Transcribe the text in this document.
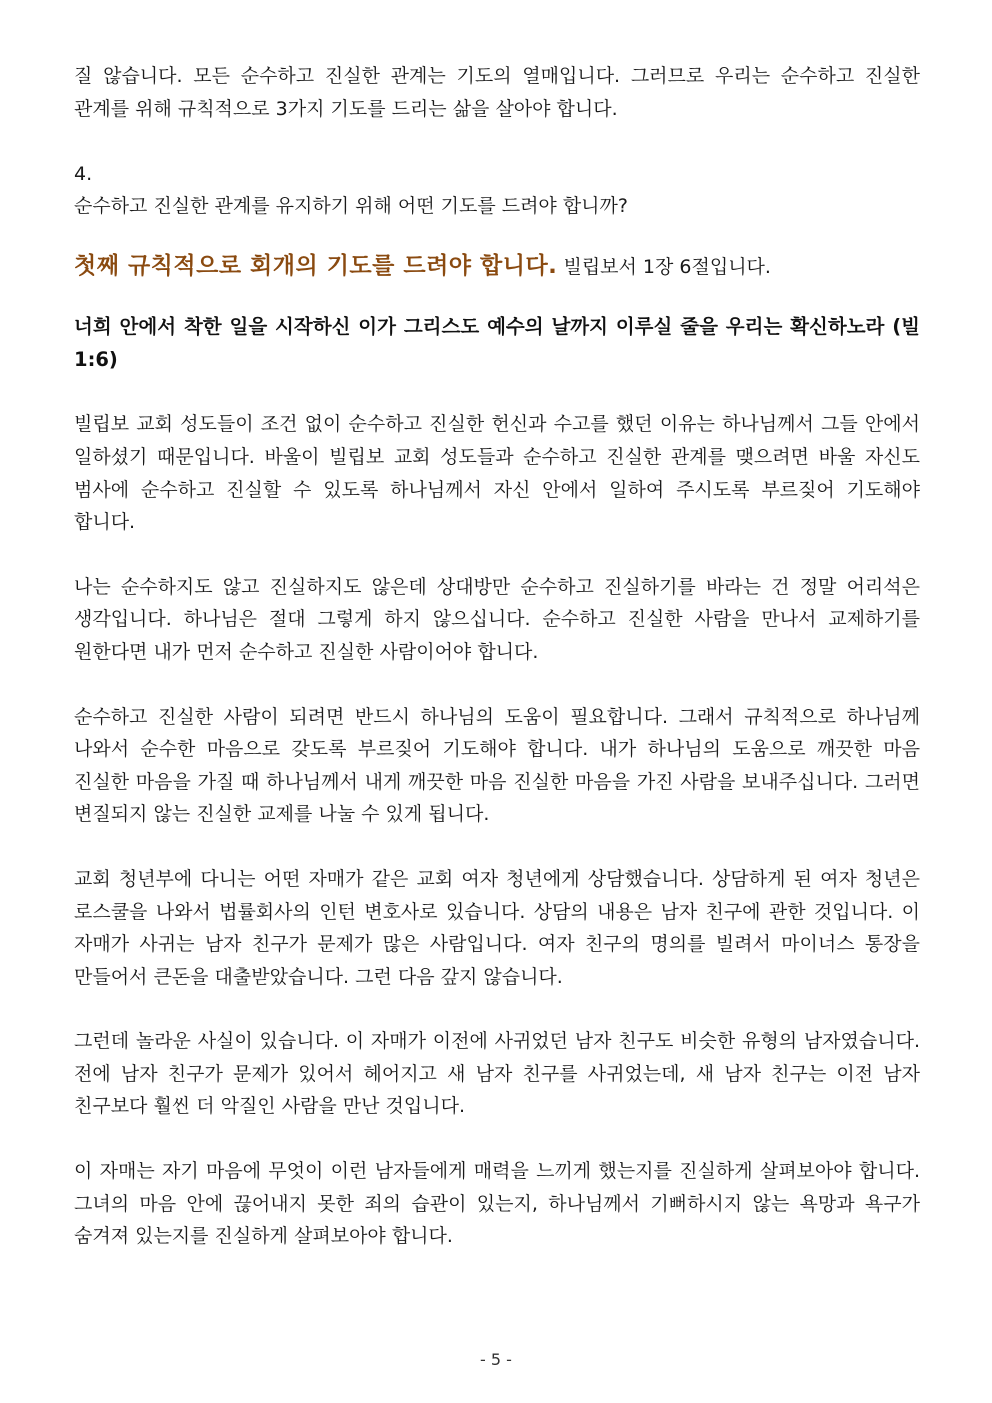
질 않습니다. 모든 순수하고 진실한 관계는 기도의 열매입니다. 그러므로 우리는 순수하고 진실한 관계를 위해 규칙적으로 3가지 기도를 드리는 삶을 살아야 합니다.

4.

순수하고 진실한 관계를 유지하기 위해 어떤 기도를 드려야 합니까?

첫째 규칙적으로 회개의 기도를 드려야 합니다. 빌립보서 1장 6절입니다.

너희 안에서 착한 일을 시작하신 이가 그리스도 예수의 날까지 이루실 줄을 우리는 확신하노라 (빌 1:6)

빌립보 교회 성도들이 조건 없이 순수하고 진실한 헌신과 수고를 했던 이유는 하나님께서 그들 안에서 일하셨기 때문입니다. 바울이 빌립보 교회 성도들과 순수하고 진실한 관계를 맺으려면 바울 자신도 범사에 순수하고 진실할 수 있도록 하나님께서 자신 안에서 일하여 주시도록 부르짖어 기도해야 합니다.

나는 순수하지도 않고 진실하지도 않은데 상대방만 순수하고 진실하기를 바라는 건 정말 어리석은 생각입니다. 하나님은 절대 그렇게 하지 않으십니다. 순수하고 진실한 사람을 만나서 교제하기를 원한다면 내가 먼저 순수하고 진실한 사람이어야 합니다.

순수하고 진실한 사람이 되려면 반드시 하나님의 도움이 필요합니다. 그래서 규칙적으로 하나님께 나와서 순수한 마음으로 갖도록 부르짖어 기도해야 합니다. 내가 하나님의 도움으로 깨끗한 마음 진실한 마음을 가질 때 하나님께서 내게 깨끗한 마음 진실한 마음을 가진 사람을 보내주십니다. 그러면 변질되지 않는 진실한 교제를 나눌 수 있게 됩니다.

교회 청년부에 다니는 어떤 자매가 같은 교회 여자 청년에게 상담했습니다. 상담하게 된 여자 청년은 로스쿨을 나와서 법률회사의 인턴 변호사로 있습니다. 상담의 내용은 남자 친구에 관한 것입니다. 이 자매가 사귀는 남자 친구가 문제가 많은 사람입니다. 여자 친구의 명의를 빌려서 마이너스 통장을 만들어서 큰돈을 대출받았습니다. 그런 다음 갚지 않습니다.

그런데 놀라운 사실이 있습니다. 이 자매가 이전에 사귀었던 남자 친구도 비슷한 유형의 남자였습니다. 전에 남자 친구가 문제가 있어서 헤어지고 새 남자 친구를 사귀었는데, 새 남자 친구는 이전 남자 친구보다 훨씬 더 악질인 사람을 만난 것입니다.

이 자매는 자기 마음에 무엇이 이런 남자들에게 매력을 느끼게 했는지를 진실하게 살펴보아야 합니다. 그녀의 마음 안에 끊어내지 못한 죄의 습관이 있는지, 하나님께서 기뻐하시지 않는 욕망과 욕구가 숨겨져 있는지를 진실하게 살펴보아야 합니다.

- 5 -
